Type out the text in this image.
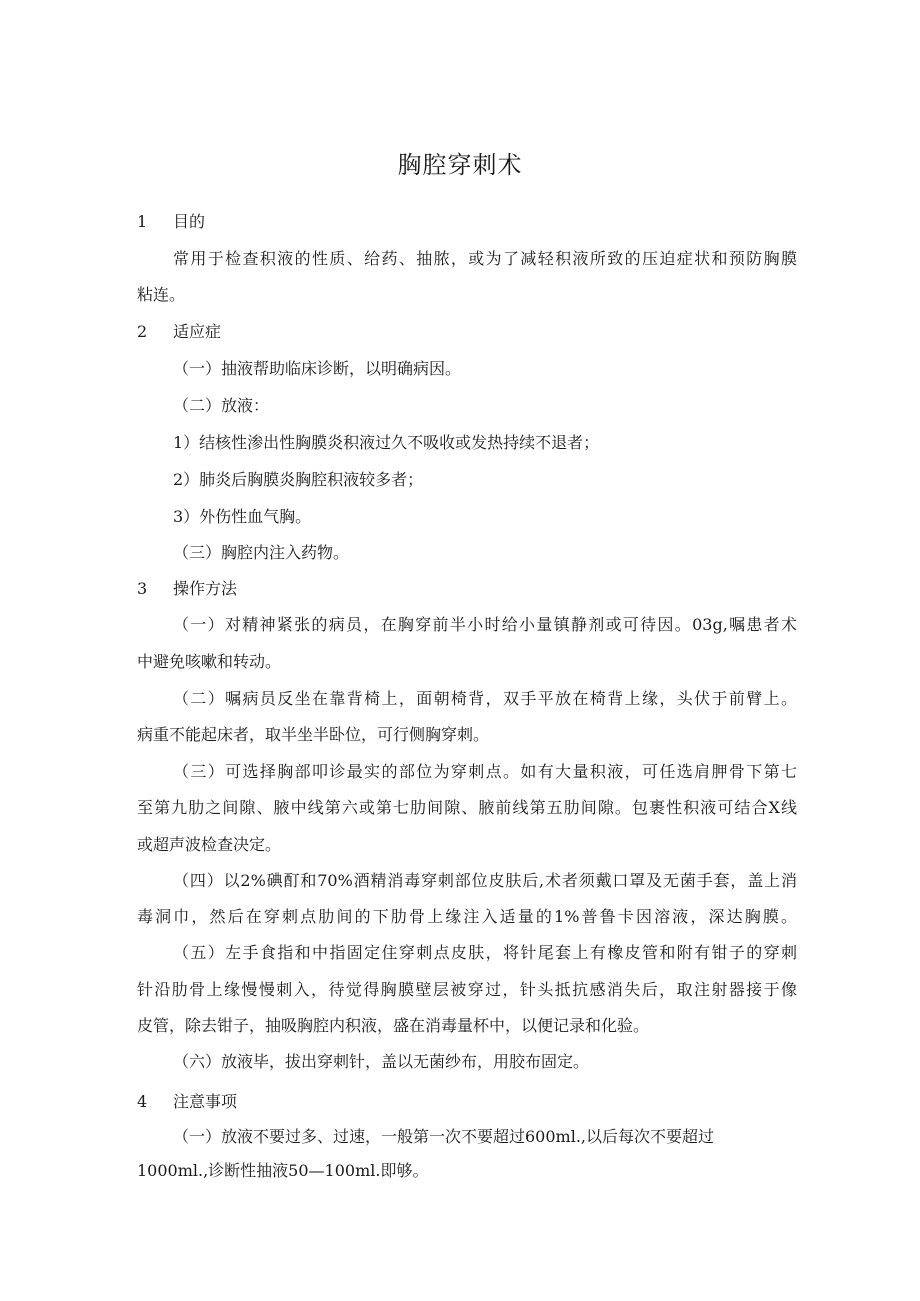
胸腔穿刺术
1 目的
常用于检查积液的性质、给药、抽脓，或为了减轻积液所致的压迫症状和预防胸膜
粘连。
2 适应症
（一）抽液帮助临床诊断，以明确病因。
（二）放液：
1）结核性渗出性胸膜炎积液过久不吸收或发热持续不退者；
2）肺炎后胸膜炎胸腔积液较多者；
3）外伤性血气胸。
（三）胸腔内注入药物。
3 操作方法
（一）对精神紧张的病员，在胸穿前半小时给小量镇静剂或可待因。03g,嘱患者术
中避免咳嗽和转动。
（二）嘱病员反坐在靠背椅上，面朝椅背，双手平放在椅背上缘，头伏于前臂上。
病重不能起床者，取半坐半卧位，可行侧胸穿刺。
（三）可选择胸部叩诊最实的部位为穿刺点。如有大量积液，可任选肩胛骨下第七
至第九肋之间隙、腋中线第六或第七肋间隙、腋前线第五肋间隙。包裹性积液可结合X线
或超声波检查决定。
（四）以2%碘酊和70%酒精消毒穿刺部位皮肤后,术者须戴口罩及无菌手套，盖上消
毒洞巾，然后在穿刺点肋间的下肋骨上缘注入适量的1%普鲁卡因溶液，深达胸膜。
（五）左手食指和中指固定住穿刺点皮肤，将针尾套上有橡皮管和附有钳子的穿刺
针沿肋骨上缘慢慢刺入，待觉得胸膜壁层被穿过，针头抵抗感消失后，取注射器接于像
皮管，除去钳子，抽吸胸腔内积液，盛在消毒量杯中，以便记录和化验。
（六）放液毕，拔出穿刺针，盖以无菌纱布，用胶布固定。
4 注意事项
（一）放液不要过多、过速，一般第一次不要超过600ml.,以后每次不要超过
1000ml.,诊断性抽液50—100ml.即够。
